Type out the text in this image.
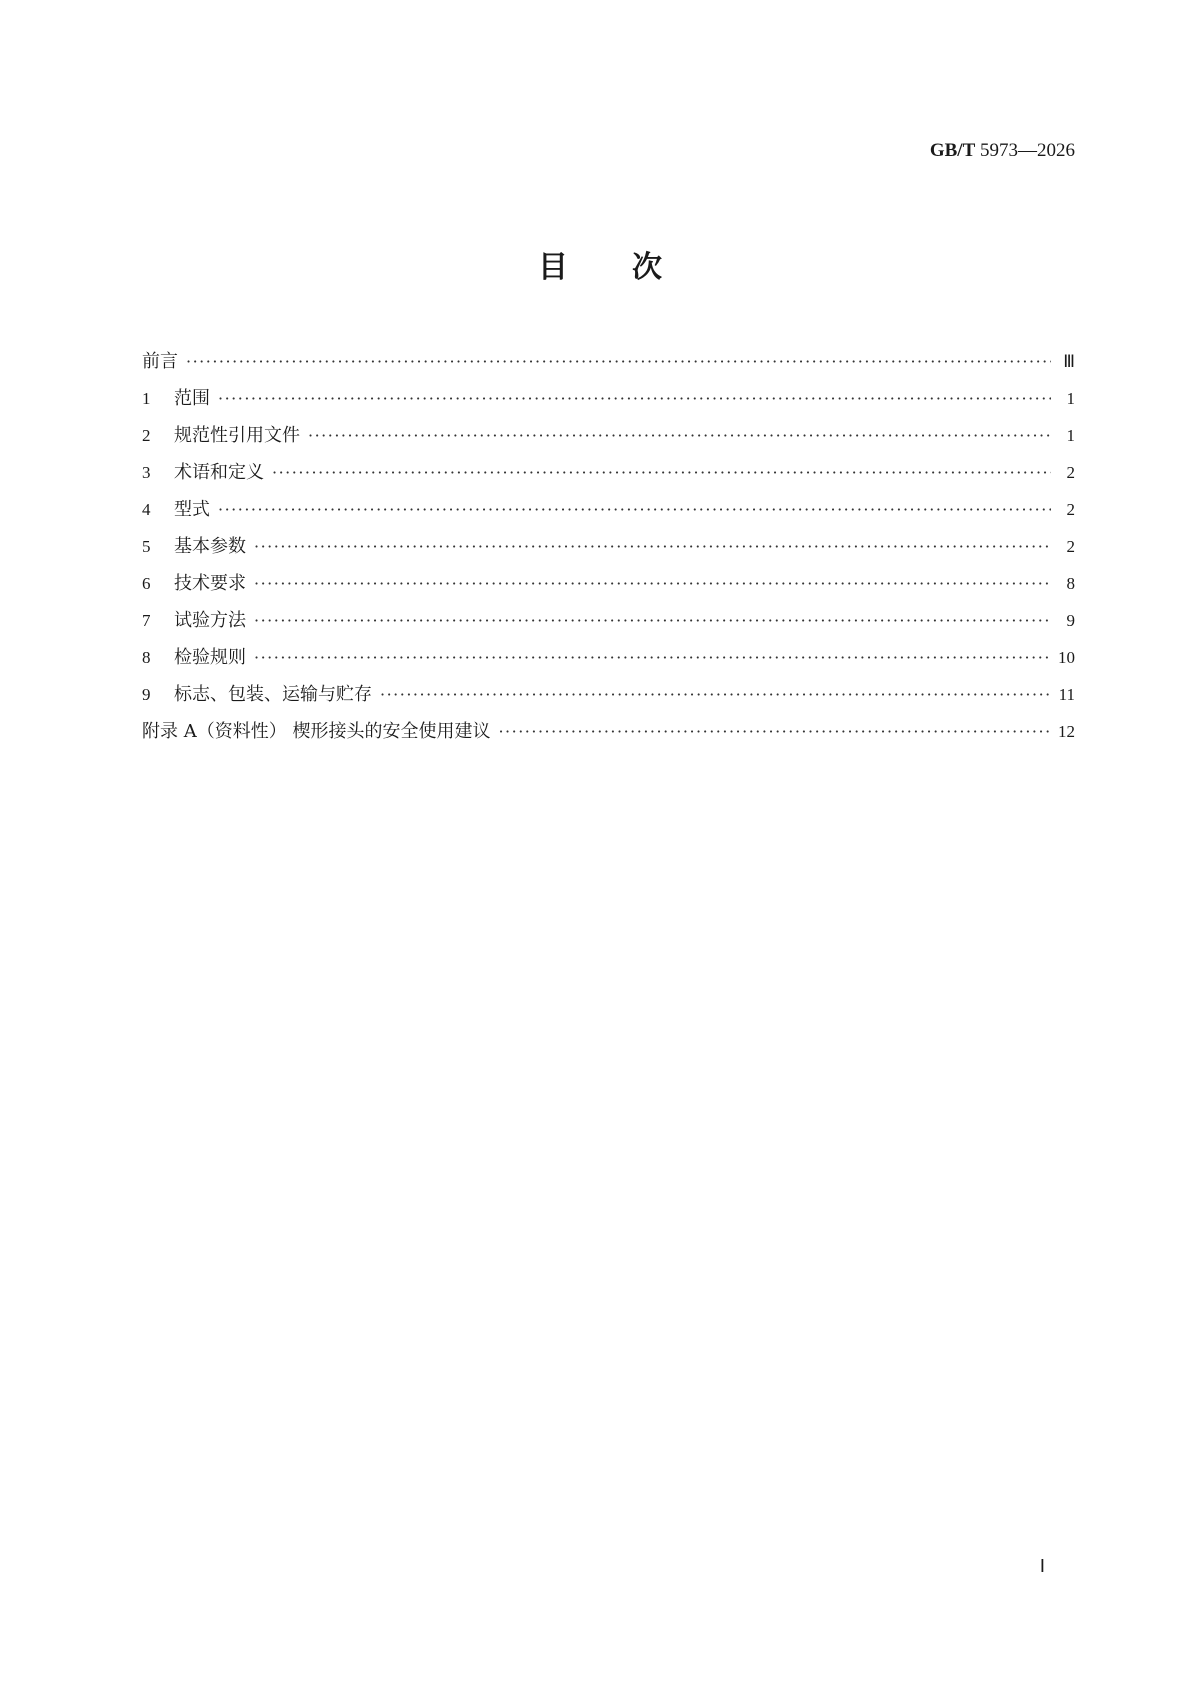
GB/T 5973—2026
目 次
前言 ·····	Ⅲ
1	范围 ·····	1
2	规范性引用文件 ·····	1
3	术语和定义 ·····	2
4	型式 ·····	2
5	基本参数 ·····	2
6	技术要求 ·····	8
7	试验方法 ·····	9
8	检验规则 ·····	10
9	标志、包装、运输与贮存 ·····	11
附录 A（资料性） 楔形接头的安全使用建议 ·····	12
Ⅰ
